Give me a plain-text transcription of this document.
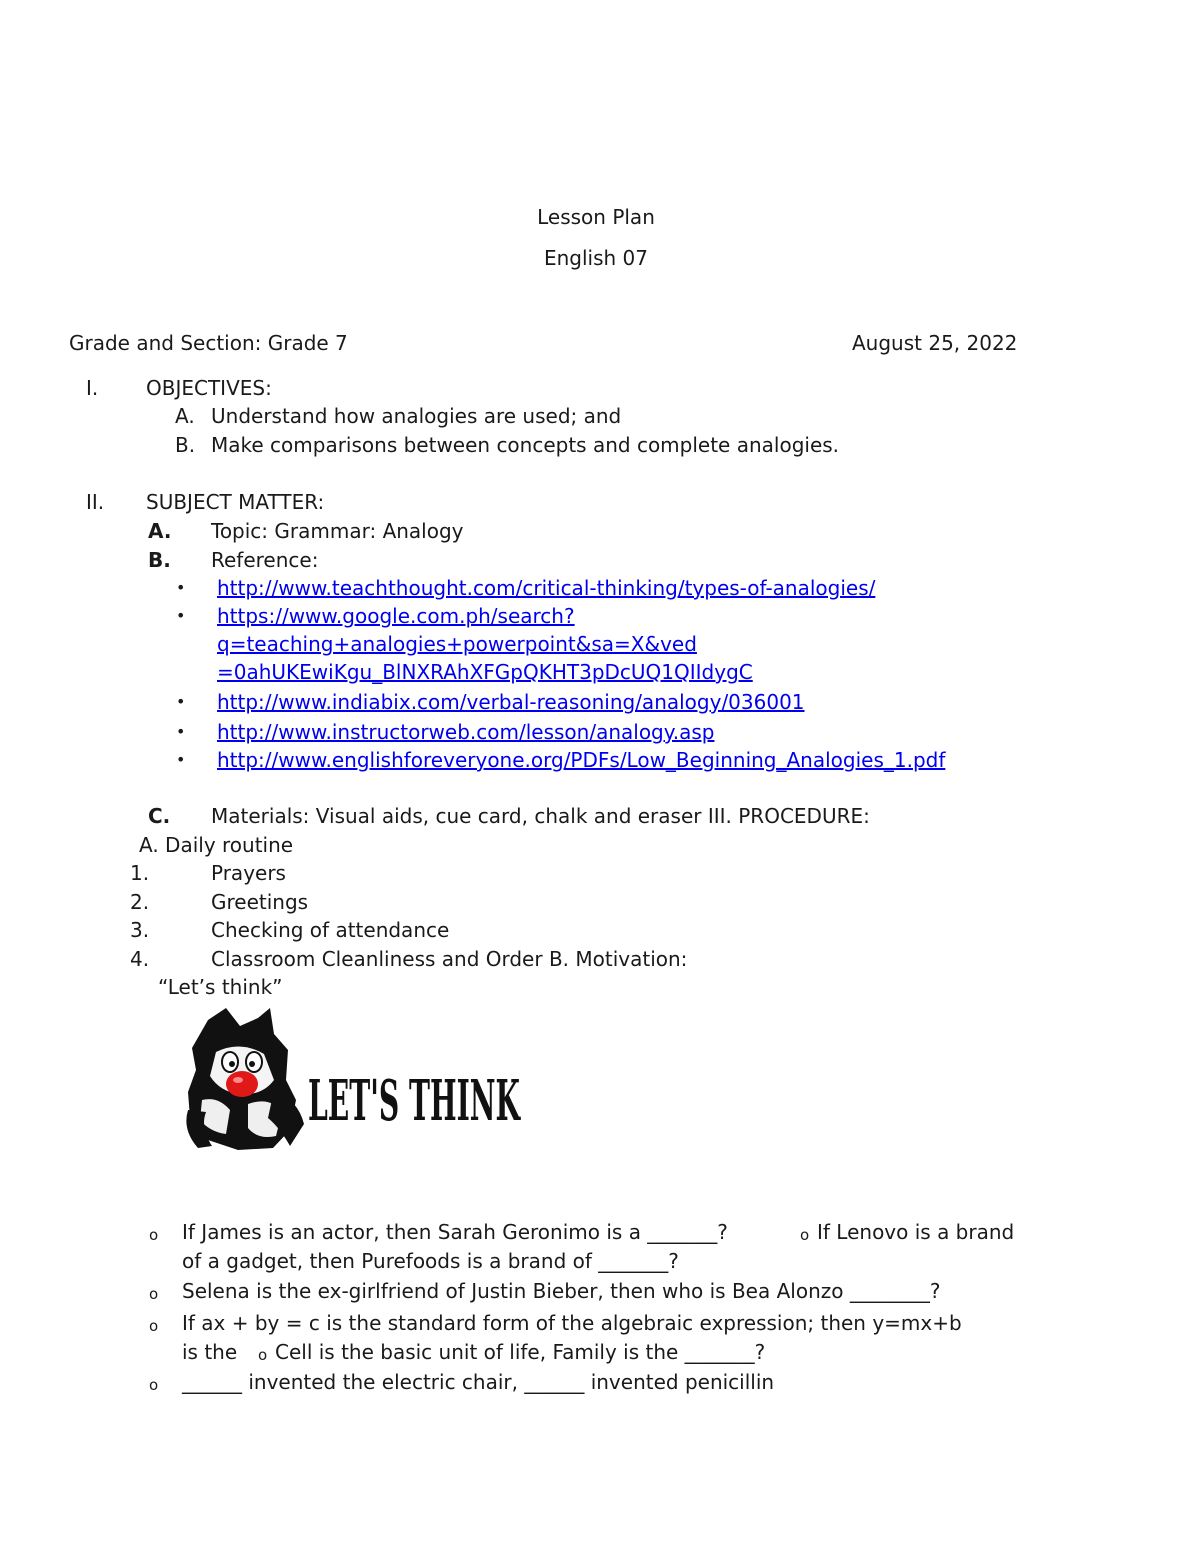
Lesson Plan
English 07
Grade and Section: Grade 7	August 25, 2022
I. OBJECTIVES:
A. Understand how analogies are used; and
B. Make comparisons between concepts and complete analogies.
II. SUBJECT MATTER:
A. Topic: Grammar: Analogy
B. Reference:
• http://www.teachthought.com/critical-thinking/types-of-analogies/
• https://www.google.com.ph/search?
q=teaching+analogies+powerpoint&sa=X&ved
=0ahUKEwiKgu_BlNXRAhXFGpQKHT3pDcUQ1QIIdygC
• http://www.indiabix.com/verbal-reasoning/analogy/036001
• http://www.instructorweb.com/lesson/analogy.asp
• http://www.englishforeveryone.org/PDFs/Low_Beginning_Analogies_1.pdf
C. Materials: Visual aids, cue card, chalk and eraser III. PROCEDURE:
A. Daily routine
1.	Prayers
2.	Greetings
3.	Checking of attendance
4.	Classroom Cleanliness and Order B. Motivation:
“Let’s think”
LET'S THINK
o If James is an actor, then Sarah Geronimo is a _______?	o If Lenovo is a brand
of a gadget, then Purefoods is a brand of _______?
o Selena is the ex-girlfriend of Justin Bieber, then who is Bea Alonzo ________?
o If ax + by = c is the standard form of the algebraic expression; then y=mx+b
is the o Cell is the basic unit of life, Family is the _______?
o ______ invented the electric chair, ______ invented penicillin
